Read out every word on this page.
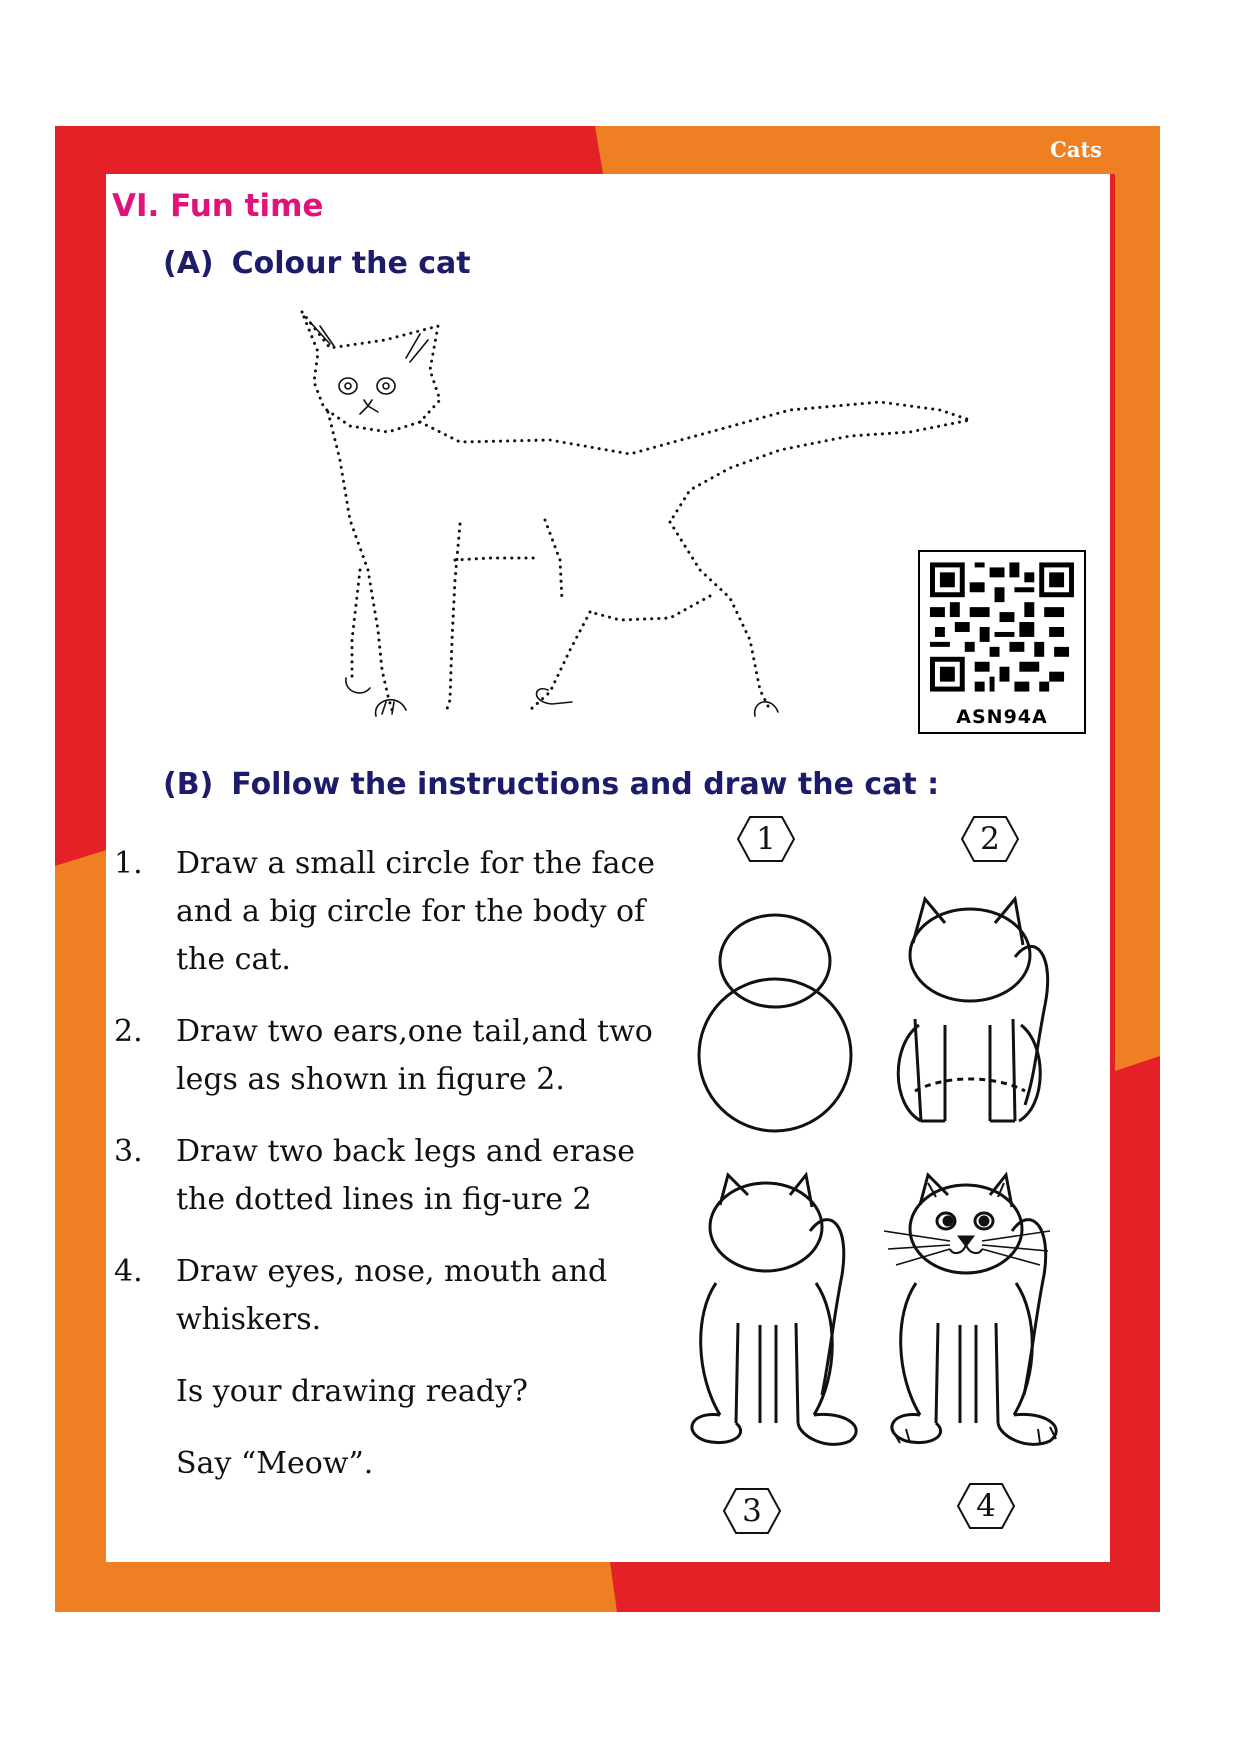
Cats
VI. Fun time
(A) Colour the cat
ASN94A
(B) Follow the instructions and draw the cat :
1. Draw a small circle for the face and a big circle for the body of the cat.
2. Draw two ears,one tail,and two legs as shown in figure 2.
3. Draw two back legs and erase the dotted lines in fig-ure 2
4. Draw eyes, nose, mouth and whiskers.
Is your drawing ready?
Say “Meow”.
1	2
3	4
